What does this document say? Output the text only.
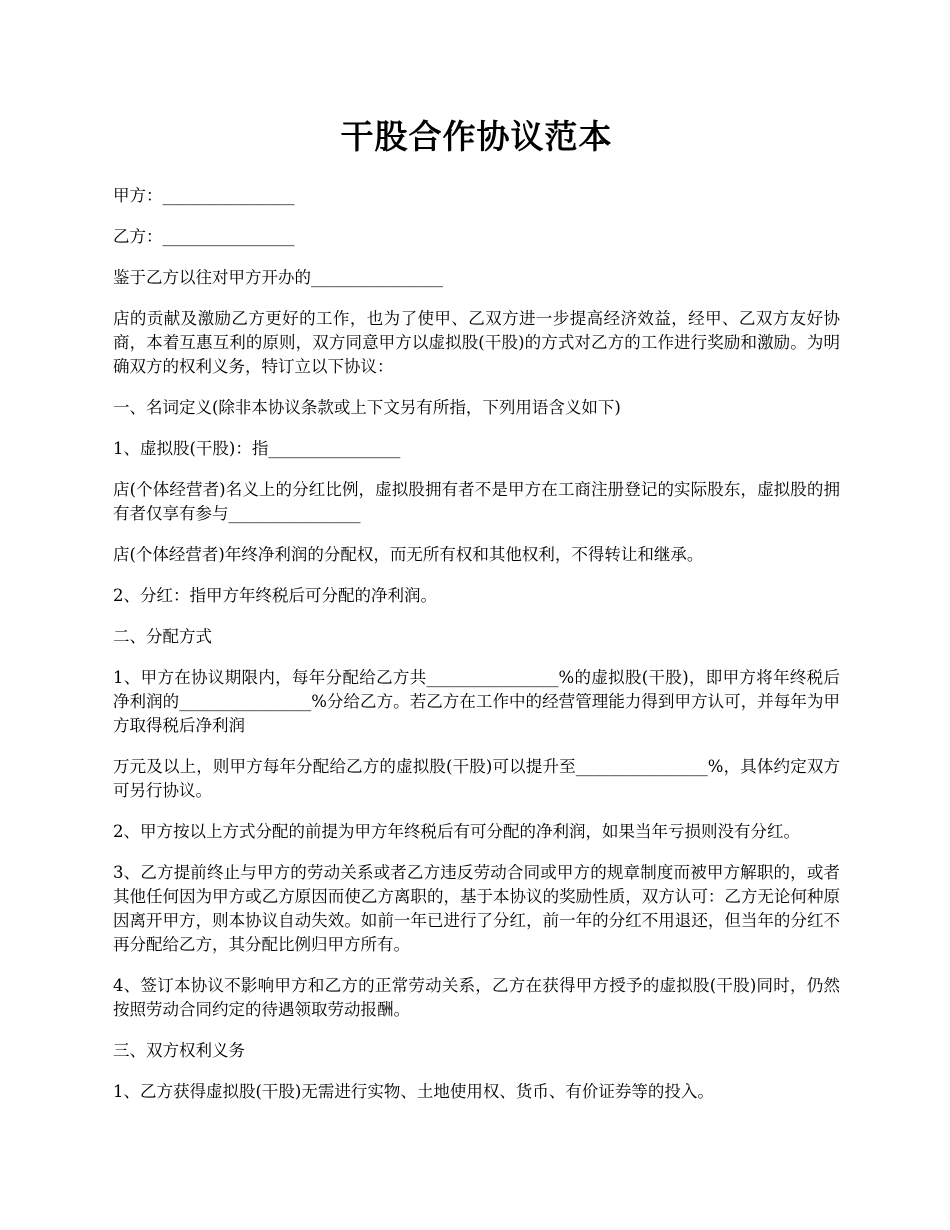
干股合作协议范本

甲方：________________

乙方：________________

鉴于乙方以往对甲方开办的________________

店的贡献及激励乙方更好的工作，也为了使甲、乙双方进一步提高经济效益，经甲、乙双方友好协商，本着互惠互利的原则，双方同意甲方以虚拟股(干股)的方式对乙方的工作进行奖励和激励。为明确双方的权利义务，特订立以下协议：

一、名词定义(除非本协议条款或上下文另有所指，下列用语含义如下)

1、虚拟股(干股)：指________________

店(个体经营者)名义上的分红比例，虚拟股拥有者不是甲方在工商注册登记的实际股东，虚拟股的拥有者仅享有参与________________

店(个体经营者)年终净利润的分配权，而无所有权和其他权利，不得转让和继承。

2、分红：指甲方年终税后可分配的净利润。

二、分配方式

1、甲方在协议期限内，每年分配给乙方共________________%的虚拟股(干股)，即甲方将年终税后净利润的________________%分给乙方。若乙方在工作中的经营管理能力得到甲方认可，并每年为甲方取得税后净利润

万元及以上，则甲方每年分配给乙方的虚拟股(干股)可以提升至________________%，具体约定双方可另行协议。

2、甲方按以上方式分配的前提为甲方年终税后有可分配的净利润，如果当年亏损则没有分红。

3、乙方提前终止与甲方的劳动关系或者乙方违反劳动合同或甲方的规章制度而被甲方解职的，或者其他任何因为甲方或乙方原因而使乙方离职的，基于本协议的奖励性质，双方认可：乙方无论何种原因离开甲方，则本协议自动失效。如前一年已进行了分红，前一年的分红不用退还，但当年的分红不再分配给乙方，其分配比例归甲方所有。

4、签订本协议不影响甲方和乙方的正常劳动关系，乙方在获得甲方授予的虚拟股(干股)同时，仍然按照劳动合同约定的待遇领取劳动报酬。

三、双方权利义务

1、乙方获得虚拟股(干股)无需进行实物、土地使用权、货币、有价证券等的投入。
